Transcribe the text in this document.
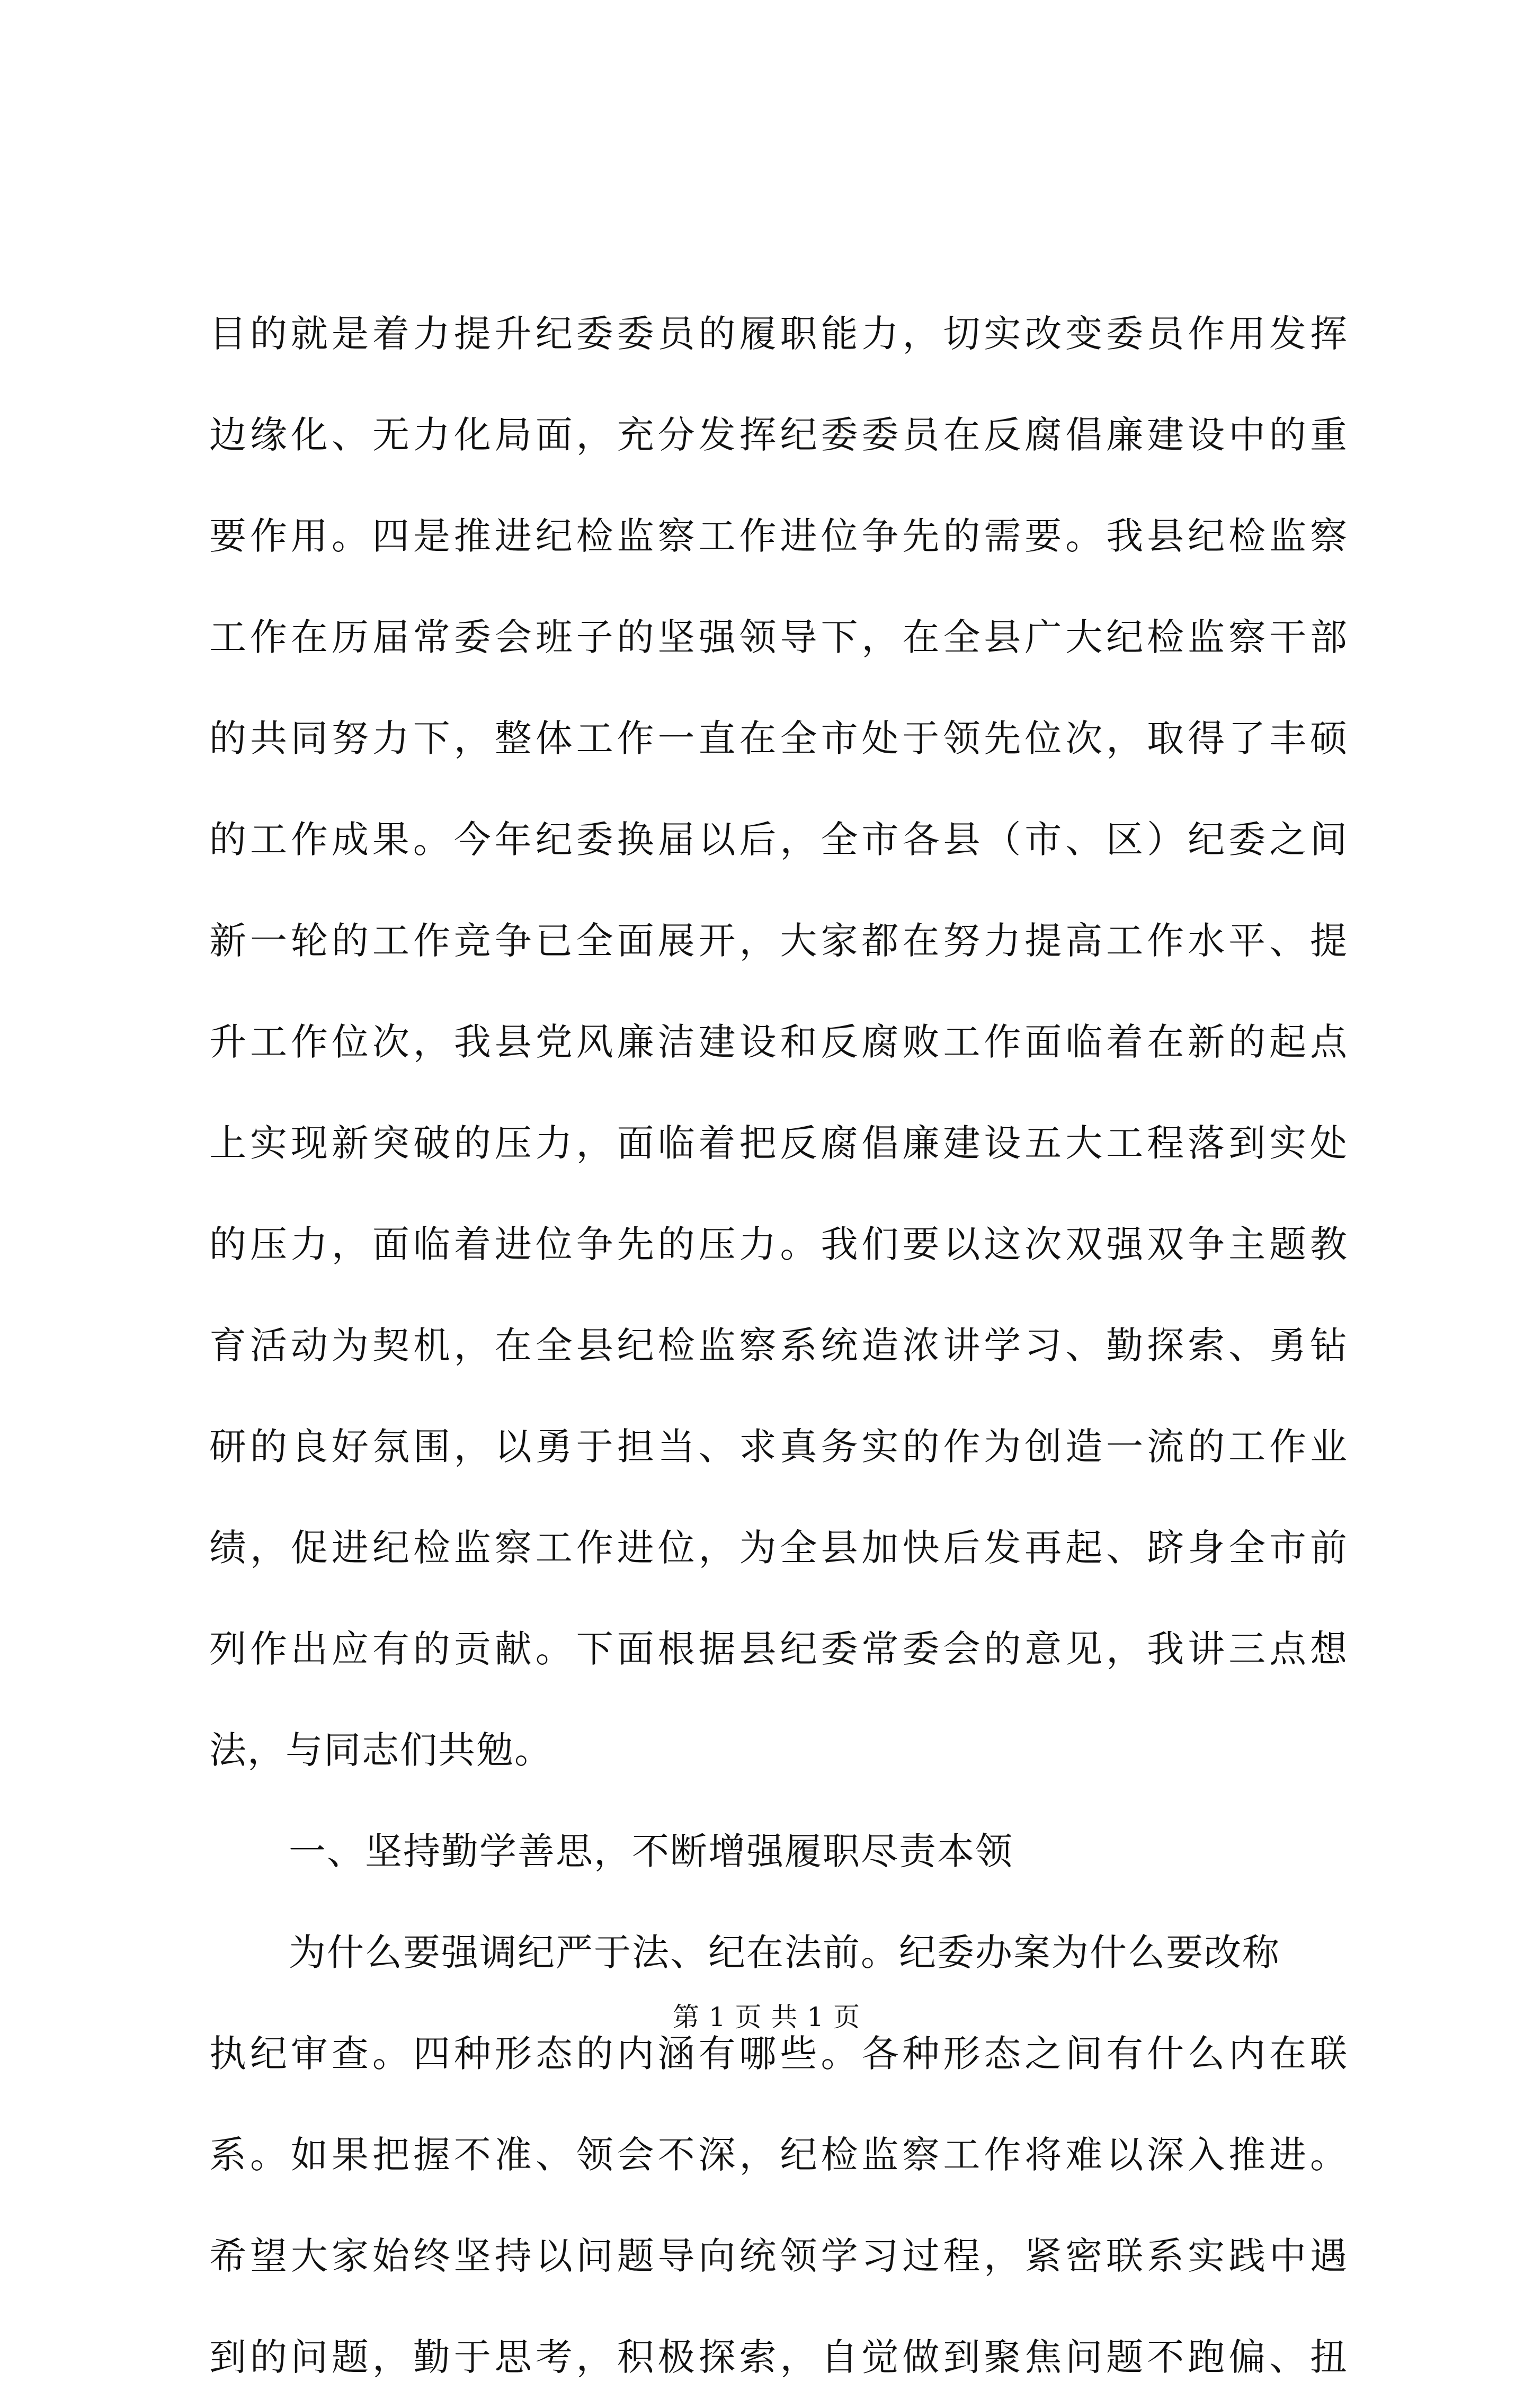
目的就是着力提升纪委委员的履职能力，切实改变委员作用发挥
边缘化、无力化局面，充分发挥纪委委员在反腐倡廉建设中的重
要作用。四是推进纪检监察工作进位争先的需要。我县纪检监察
工作在历届常委会班子的坚强领导下，在全县广大纪检监察干部
的共同努力下，整体工作一直在全市处于领先位次，取得了丰硕
的工作成果。今年纪委换届以后，全市各县（市、区）纪委之间
新一轮的工作竞争已全面展开，大家都在努力提高工作水平、提
升工作位次，我县党风廉洁建设和反腐败工作面临着在新的起点
上实现新突破的压力，面临着把反腐倡廉建设五大工程落到实处
的压力，面临着进位争先的压力。我们要以这次双强双争主题教
育活动为契机，在全县纪检监察系统造浓讲学习、勤探索、勇钻
研的良好氛围，以勇于担当、求真务实的作为创造一流的工作业
绩，促进纪检监察工作进位，为全县加快后发再起、跻身全市前
列作出应有的贡献。下面根据县纪委常委会的意见，我讲三点想
法，与同志们共勉。
一、坚持勤学善思，不断增强履职尽责本领
为什么要强调纪严于法、纪在法前。纪委办案为什么要改称
执纪审查。四种形态的内涵有哪些。各种形态之间有什么内在联
系。如果把握不准、领会不深，纪检监察工作将难以深入推进。
希望大家始终坚持以问题导向统领学习过程，紧密联系实践中遇
到的问题，勤于思考，积极探索，自觉做到聚焦问题不跑偏、扭
第 1 页 共 1 页
